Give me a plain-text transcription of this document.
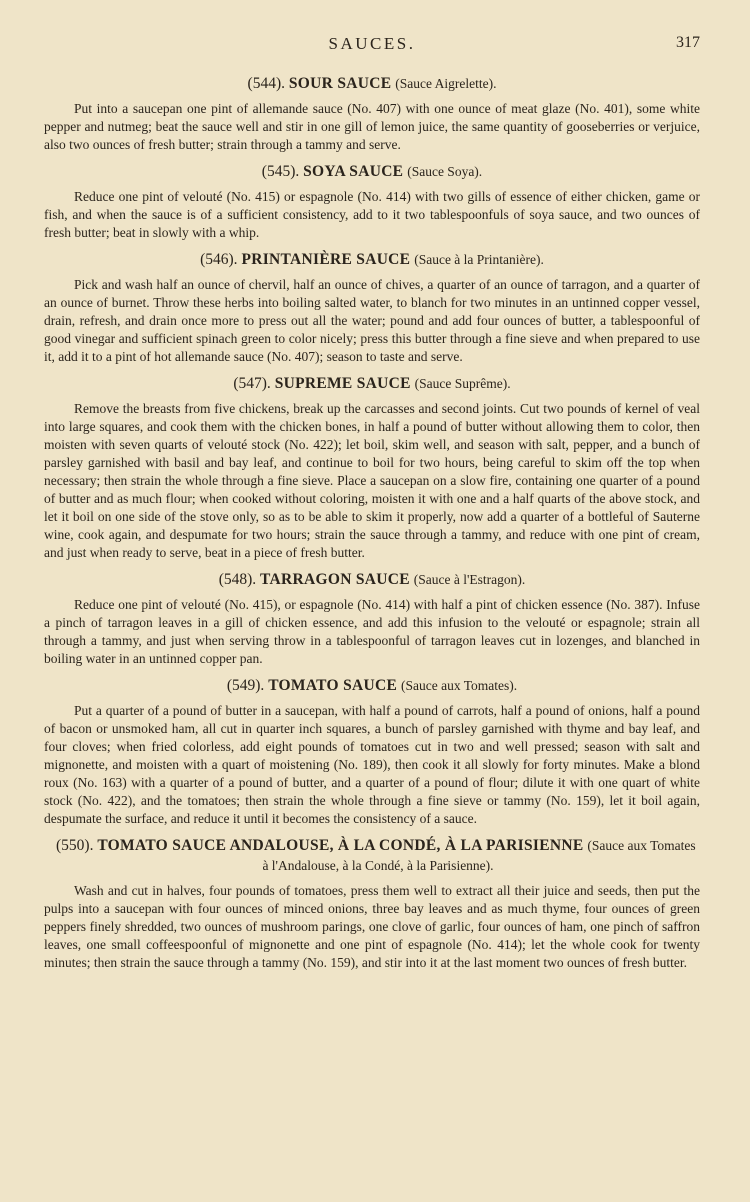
SAUCES.	317
(544). SOUR SAUCE (Sauce Aigrelette).

Put into a saucepan one pint of allemande sauce (No. 407) with one ounce of meat glaze (No. 401), some white pepper and nutmeg; beat the sauce well and stir in one gill of lemon juice, the same quantity of gooseberries or verjuice, also two ounces of fresh butter; strain through a tammy and serve.

(545). SOYA SAUCE (Sauce Soya).

Reduce one pint of velouté (No. 415) or espagnole (No. 414) with two gills of essence of either chicken, game or fish, and when the sauce is of a sufficient consistency, add to it two tablespoonfuls of soya sauce, and two ounces of fresh butter; beat in slowly with a whip.

(546). PRINTANIÈRE SAUCE (Sauce à la Printanière).

Pick and wash half an ounce of chervil, half an ounce of chives, a quarter of an ounce of tarragon, and a quarter of an ounce of burnet. Throw these herbs into boiling salted water, to blanch for two minutes in an untinned copper vessel, drain, refresh, and drain once more to press out all the water; pound and add four ounces of butter, a tablespoonful of good vinegar and sufficient spinach green to color nicely; press this butter through a fine sieve and when prepared to use it, add it to a pint of hot allemande sauce (No. 407); season to taste and serve.

(547). SUPREME SAUCE (Sauce Suprême).

Remove the breasts from five chickens, break up the carcasses and second joints. Cut two pounds of kernel of veal into large squares, and cook them with the chicken bones, in half a pound of butter without allowing them to color, then moisten with seven quarts of velouté stock (No. 422); let boil, skim well, and season with salt, pepper, and a bunch of parsley garnished with basil and bay leaf, and continue to boil for two hours, being careful to skim off the top when necessary; then strain the whole through a fine sieve. Place a saucepan on a slow fire, containing one quarter of a pound of butter and as much flour; when cooked without coloring, moisten it with one and a half quarts of the above stock, and let it boil on one side of the stove only, so as to be able to skim it properly, now add a quarter of a bottleful of Sauterne wine, cook again, and despumate for two hours; strain the sauce through a tammy, and reduce with one pint of cream, and just when ready to serve, beat in a piece of fresh butter.

(548). TARRAGON SAUCE (Sauce à l'Estragon).

Reduce one pint of velouté (No. 415), or espagnole (No. 414) with half a pint of chicken essence (No. 387). Infuse a pinch of tarragon leaves in a gill of chicken essence, and add this infusion to the velouté or espagnole; strain all through a tammy, and just when serving throw in a tablespoonful of tarragon leaves cut in lozenges, and blanched in boiling water in an untinned copper pan.

(549). TOMATO SAUCE (Sauce aux Tomates).

Put a quarter of a pound of butter in a saucepan, with half a pound of carrots, half a pound of onions, half a pound of bacon or unsmoked ham, all cut in quarter inch squares, a bunch of parsley garnished with thyme and bay leaf, and four cloves; when fried colorless, add eight pounds of tomatoes cut in two and well pressed; season with salt and mignonette, and moisten with a quart of moistening (No. 189), then cook it all slowly for forty minutes. Make a blond roux (No. 163) with a quarter of a pound of butter, and a quarter of a pound of flour; dilute it with one quart of white stock (No. 422), and the tomatoes; then strain the whole through a fine sieve or tammy (No. 159), let it boil again, despumate the surface, and reduce it until it becomes the consistency of a sauce.

(550). TOMATO SAUCE ANDALOUSE, À LA CONDÉ, À LA PARISIENNE (Sauce aux Tomates
à l'Andalouse, à la Condé, à la Parisienne).

Wash and cut in halves, four pounds of tomatoes, press them well to extract all their juice and seeds, then put the pulps into a saucepan with four ounces of minced onions, three bay leaves and as much thyme, four ounces of green peppers finely shredded, two ounces of mushroom parings, one clove of garlic, four ounces of ham, one pinch of saffron leaves, one small coffeespoonful of mignonette and one pint of espagnole (No. 414); let the whole cook for twenty minutes; then strain the sauce through a tammy (No. 159), and stir into it at the last moment two ounces of fresh butter.
